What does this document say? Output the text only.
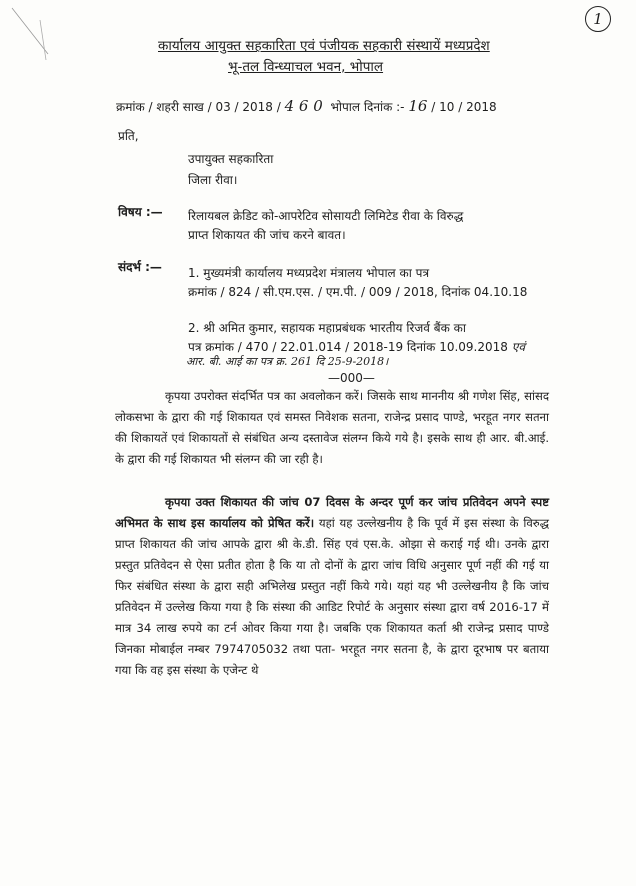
1
कार्यालय आयुक्त सहकारिता एवं पंजीयक सहकारी संस्थायें मध्यप्रदेश
भू-तल विन्ध्याचल भवन, भोपाल
क्रमांक / शहरी साख / 03 / 2018 / 4 6 0 भोपाल दिनांक :- 16 / 10 / 2018
प्रति,
उपायुक्त सहकारिता
जिला रीवा।
विषय :— रिलायबल क्रेडिट को-आपरेटिव सोसायटी लिमिटेड रीवा के विरुद्ध
प्राप्त शिकायत की जांच करने बावत।
संदर्भ :— 1. मुख्यमंत्री कार्यालय मध्यप्रदेश मंत्रालय भोपाल का पत्र
क्रमांक / 824 / सी.एम.एस. / एम.पी. / 009 / 2018, दिनांक 04.10.18
2. श्री अमित कुमार, सहायक महाप्रबंधक भारतीय रिजर्व बैंक का
पत्र क्रमांक / 470 / 22.01.014 / 2018-19 दिनांक 10.09.2018 एवं
आर. बी. आई का पत्र क्र. 261 दि 25-9-2018।
—000—
कृपया उपरोक्त संदर्भित पत्र का अवलोकन करें। जिसके साथ माननीय श्री गणेश सिंह, सांसद लोकसभा के द्वारा की गई शिकायत एवं समस्त निवेशक सतना, राजेन्द्र प्रसाद पाण्डे, भरहूत नगर सतना की शिकायतें एवं शिकायतों से संबंधित अन्य दस्तावेज संलग्न किये गये है। इसके साथ ही आर. बी.आई. के द्वारा की गई शिकायत भी संलग्न की जा रही है।
कृपया उक्त शिकायत की जांच 07 दिवस के अन्दर पूर्ण कर जांच प्रतिवेदन अपने स्पष्ट अभिमत के साथ इस कार्यालय को प्रेषित करें। यहां यह उल्लेखनीय है कि पूर्व में इस संस्था के विरुद्ध प्राप्त शिकायत की जांच आपके द्वारा श्री के.डी. सिंह एवं एस.के. ओझा से कराई गई थी। उनके द्वारा प्रस्तुत प्रतिवेदन से ऐसा प्रतीत होता है कि या तो दोनों के द्वारा जांच विधि अनुसार पूर्ण नहीं की गई या फिर संबंधित संस्था के द्वारा सही अभिलेख प्रस्तुत नहीं किये गये। यहां यह भी उल्लेखनीय है कि जांच प्रतिवेदन में उल्लेख किया गया है कि संस्था की आडिट रिपोर्ट के अनुसार संस्था द्वारा वर्ष 2016-17 में मात्र 34 लाख रुपये का टर्न ओवर किया गया है। जबकि एक शिकायत कर्ता श्री राजेन्द्र प्रसाद पाण्डे जिनका मोबाईल नम्बर 7974705032 तथा पता- भरहूत नगर सतना है, के द्वारा दूरभाष पर बताया गया कि वह इस संस्था के एजेन्ट थे
